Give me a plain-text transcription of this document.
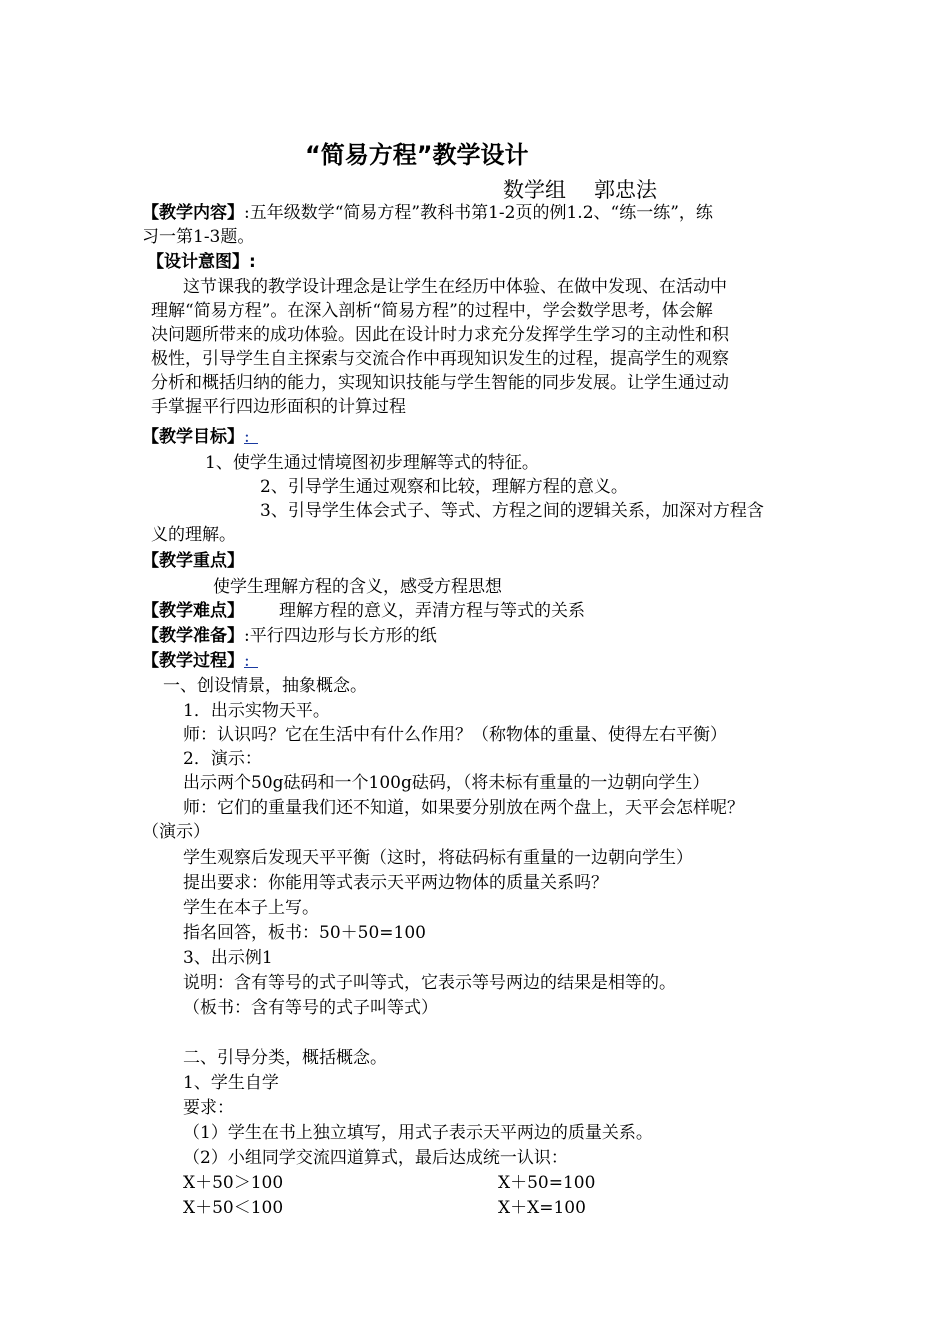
“简易方程”教学设计
数学组 郭忠法
【教学内容】:五年级数学“简易方程”教科书第1-2页的例1.2、“练一练”，练
习一第1-3题。
【设计意图】:
这节课我的教学设计理念是让学生在经历中体验、在做中发现、在活动中
理解“简易方程”。在深入剖析“简易方程”的过程中，学会数学思考，体会解
决问题所带来的成功体验。因此在设计时力求充分发挥学生学习的主动性和积
极性，引导学生自主探索与交流合作中再现知识发生的过程，提高学生的观察
分析和概括归纳的能力，实现知识技能与学生智能的同步发展。让学生通过动
手掌握平行四边形面积的计算过程
【教学目标】:
1、使学生通过情境图初步理解等式的特征。
2、引导学生通过观察和比较，理解方程的意义。
3、引导学生体会式子、等式、方程之间的逻辑关系，加深对方程含
义的理解。
【教学重点】
使学生理解方程的含义，感受方程思想
【教学难点】 理解方程的意义，弄清方程与等式的关系
【教学准备】:平行四边形与长方形的纸
【教学过程】:
一、创设情景，抽象概念。
1．出示实物天平。
师：认识吗？它在生活中有什么作用？（称物体的重量、使得左右平衡）
2．演示：
出示两个50g砝码和一个100g砝码，（将未标有重量的一边朝向学生）
师：它们的重量我们还不知道，如果要分别放在两个盘上，天平会怎样呢？
（演示）
学生观察后发现天平平衡（这时，将砝码标有重量的一边朝向学生）
提出要求：你能用等式表示天平两边物体的质量关系吗？
学生在本子上写。
指名回答，板书：50＋50=100
3、出示例1
说明：含有等号的式子叫等式，它表示等号两边的结果是相等的。
（板书：含有等号的式子叫等式）
二、引导分类，概括概念。
1、学生自学
要求：
（1）学生在书上独立填写，用式子表示天平两边的质量关系。
（2）小组同学交流四道算式，最后达成统一认识：
X＋50＞100	X＋50=100
X＋50＜100	X＋X=100
